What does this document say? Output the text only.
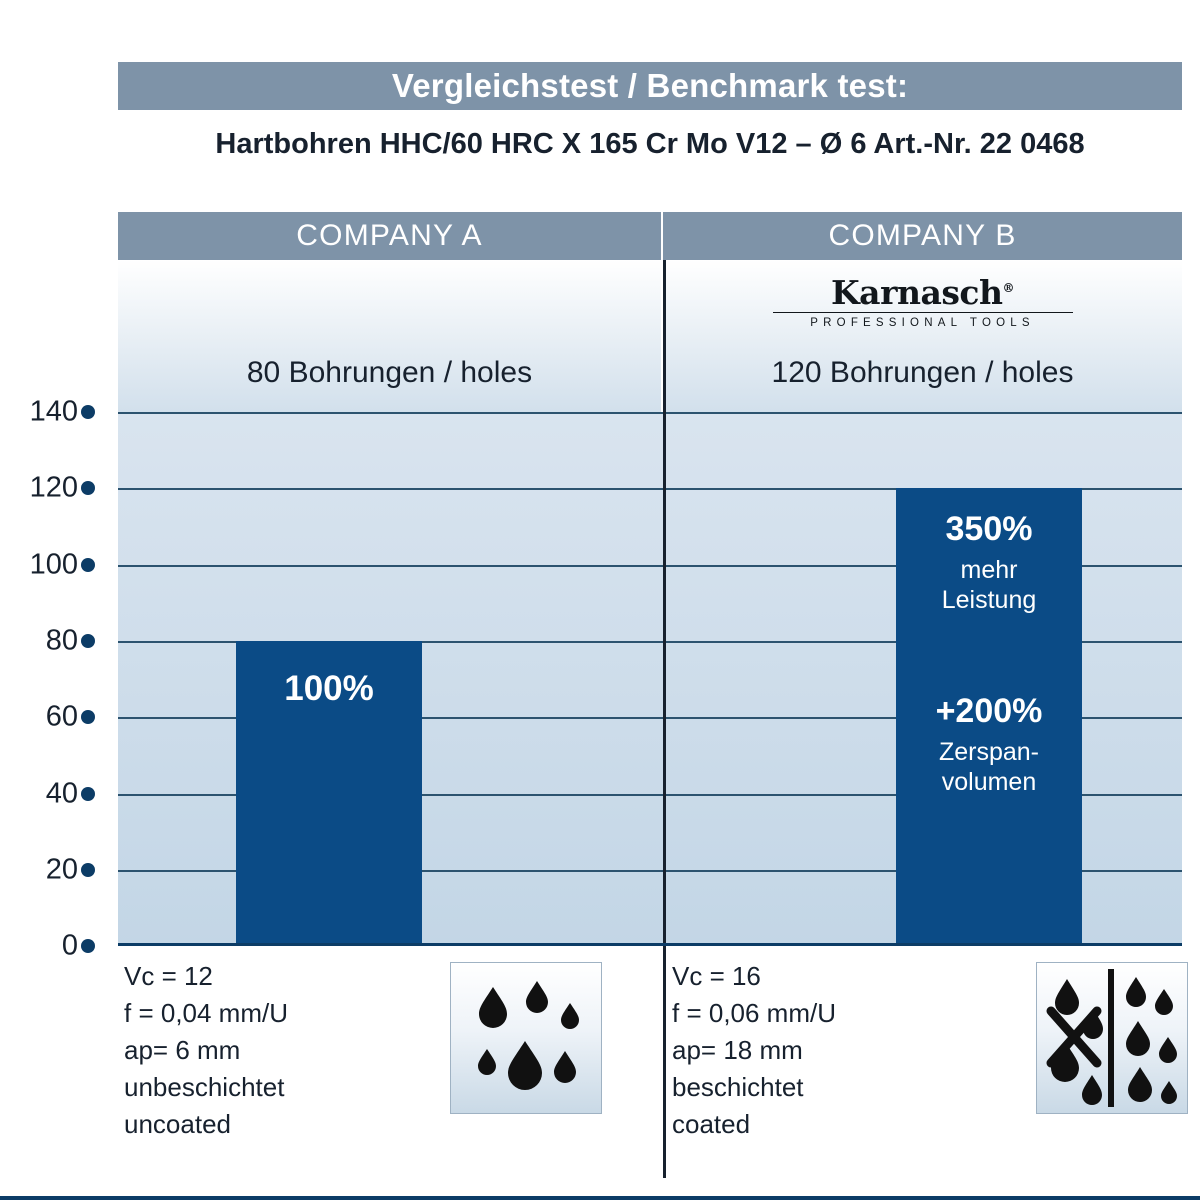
Vergleichstest / Benchmark test:
Hartbohren HHC/60 HRC X 165 Cr Mo V12 – Ø 6 Art.-Nr. 22 0468
COMPANY A	COMPANY B
Karnasch®
PROFESSIONAL TOOLS
80 Bohrungen / holes	120 Bohrungen / holes
140
120
100
80
60
40
20
0
100%
350%
mehr
Leistung
+200%
Zerspan-
volumen
Vc = 12
f = 0,04 mm/U
ap= 6 mm
unbeschichtet
uncoated
Vc = 16
f = 0,06 mm/U
ap= 18 mm
beschichtet
coated
